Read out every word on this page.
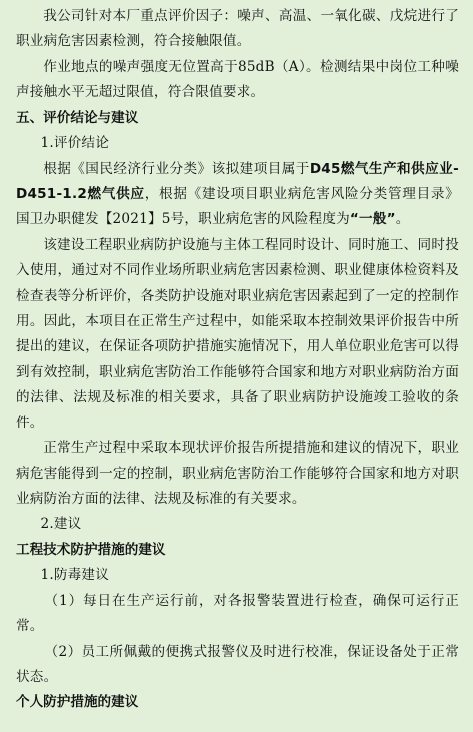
我公司针对本厂重点评价因子：噪声、高温、一氧化碳、戊烷进行了职业病危害因素检测，符合接触限值。

作业地点的噪声强度无位置高于85dB（A）。检测结果中岗位工种噪声接触水平无超过限值，符合限值要求。

五、评价结论与建议

1.评价结论

根据《国民经济行业分类》该拟建项目属于D45燃气生产和供应业-D451-1.2燃气供应，根据《建设项目职业病危害风险分类管理目录》国卫办职健发【2021】5号，职业病危害的风险程度为“一般”。

该建设工程职业病防护设施与主体工程同时设计、同时施工、同时投入使用，通过对不同作业场所职业病危害因素检测、职业健康体检资料及检查表等分析评价，各类防护设施对职业病危害因素起到了一定的控制作用。因此，本项目在正常生产过程中，如能采取本控制效果评价报告中所提出的建议，在保证各项防护措施实施情况下，用人单位职业危害可以得到有效控制，职业病危害防治工作能够符合国家和地方对职业病防治方面的法律、法规及标准的相关要求，具备了职业病防护设施竣工验收的条件。

正常生产过程中采取本现状评价报告所提措施和建议的情况下，职业病危害能得到一定的控制，职业病危害防治工作能够符合国家和地方对职业病防治方面的法律、法规及标准的有关要求。

2.建议

工程技术防护措施的建议

1.防毒建议

（1）每日在生产运行前，对各报警装置进行检查，确保可运行正常。

（2）员工所佩戴的便携式报警仪及时进行校准，保证设备处于正常状态。

个人防护措施的建议
